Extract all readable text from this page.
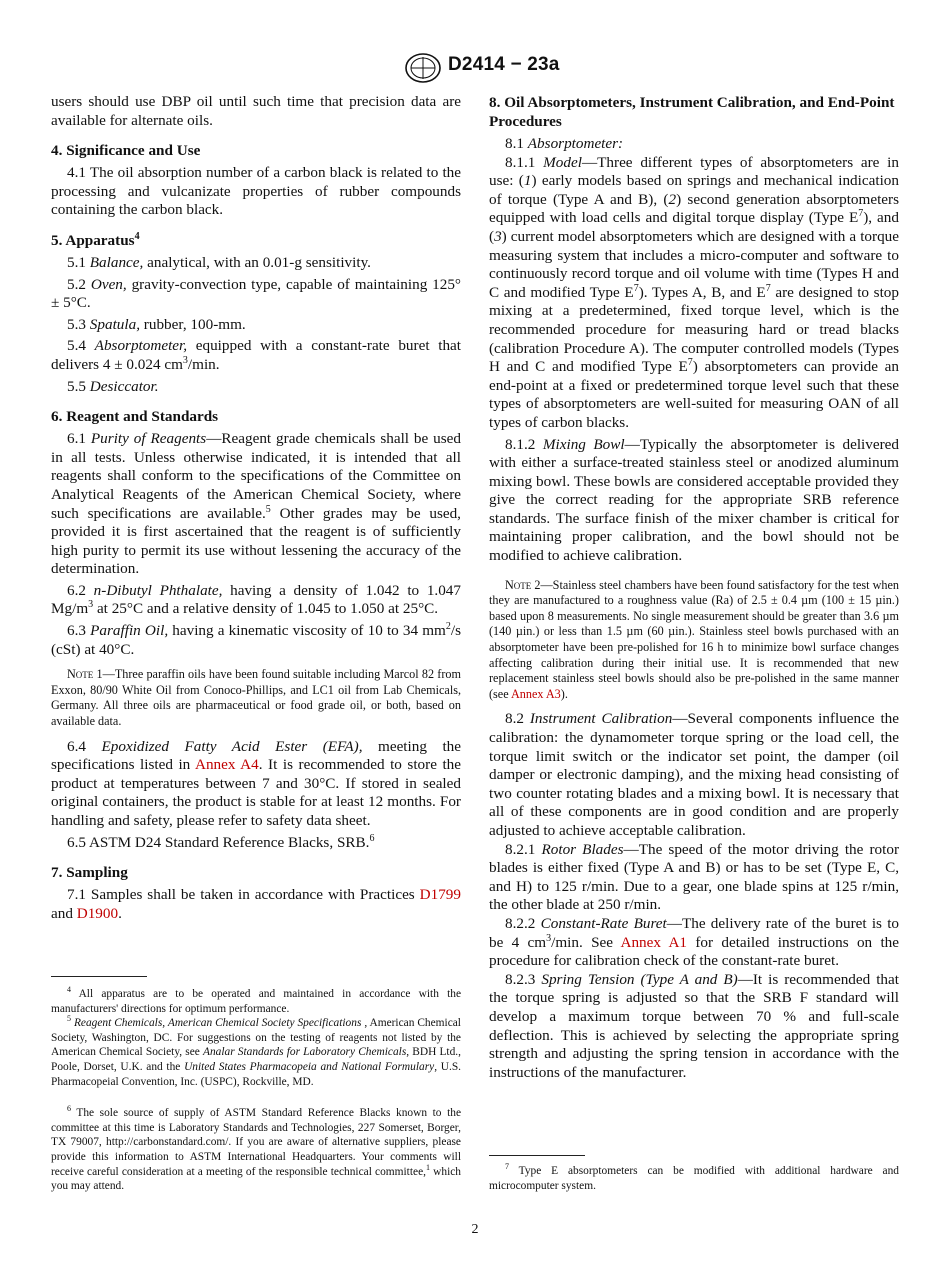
D2414 − 23a

users should use DBP oil until such time that precision data are available for alternate oils.

4. Significance and Use

4.1 The oil absorption number of a carbon black is related to the processing and vulcanizate properties of rubber compounds containing the carbon black.

5. Apparatus$^4$

5.1 Balance, analytical, with an 0.01-g sensitivity.

5.2 Oven, gravity-convection type, capable of maintaining 125° ± 5°C.

5.3 Spatula, rubber, 100-mm.

5.4 Absorptometer, equipped with a constant-rate buret that delivers 4 ± 0.024 $cm^3/\min$.

5.5 Desiccator.

6. Reagent and Standards

6.1 Purity of Reagents—Reagent grade chemicals shall be used in all tests. Unless otherwise indicated, it is intended that all reagents shall conform to the specifications of the Committee on Analytical Reagents of the American Chemical Society, where such specifications are available.$^5$ Other grades may be used, provided it is first ascertained that the reagent is of sufficiently high purity to permit its use without lessening the accuracy of the determination.

6.2 n-Dibutyl Phthalate, having a density of 1.042 to 1.047 $Mg/m^3$ at 25°C and a relative density of 1.045 to 1.050 at 25°C.

6.3 Paraffin Oil, having a kinematic viscosity of 10 to 34 $mm^2/s$ (cSt) at 40°C.

Note 1—Three paraffin oils have been found suitable including Marcol 82 from Exxon, 80/90 White Oil from Conoco-Phillips, and LC1 oil from Lab Chemicals, Germany. All three oils are pharmaceutical or food grade oil, or both, based on available data.

6.4 Epoxidized Fatty Acid Ester (EFA), meeting the specifications listed in Annex A4. It is recommended to store the product at temperatures between 7 and 30°C. If stored in sealed original containers, the product is stable for at least 12 months. For handling and safety, please refer to safety data sheet.

6.5 ASTM D24 Standard Reference Blacks, SRB.$^6$

7. Sampling

7.1 Samples shall be taken in accordance with Practices D1799 and D1900.

$^4$ All apparatus are to be operated and maintained in accordance with the manufacturers' directions for optimum performance.

$^5$ Reagent Chemicals, American Chemical Society Specifications , American Chemical Society, Washington, DC. For suggestions on the testing of reagents not listed by the American Chemical Society, see Analar Standards for Laboratory Chemicals, BDH Ltd., Poole, Dorset, U.K. and the United States Pharmacopeia and National Formulary, U.S. Pharmacopeial Convention, Inc. (USPC), Rockville, MD.

$^6$ The sole source of supply of ASTM Standard Reference Blacks known to the committee at this time is Laboratory Standards and Technologies, 227 Somerset, Borger, TX 79007, http://carbonstandard.com/. If you are aware of alternative suppliers, please provide this information to ASTM International Headquarters. Your comments will receive careful consideration at a meeting of the responsible technical committee,$^1$ which you may attend.

8. Oil Absorptometers, Instrument Calibration, and End-Point Procedures

8.1 Absorptometer:

8.1.1 Model—Three different types of absorptometers are in use: (1) early models based on springs and mechanical indication of torque (Type A and B), (2) second generation absorptometers equipped with load cells and digital torque display (Type $E^7$), and (3) current model absorptometers which are designed with a torque measuring system that includes a micro-computer and software to continuously record torque and oil volume with time (Types H and C and modified Type $E^7$). Types A, B, and $E^7$ are designed to stop mixing at a predetermined, fixed torque level, which is the recommended procedure for measuring hard or tread blacks (calibration Procedure A). The computer controlled models (Types H and C and modified Type $E^7$) absorptometers can provide an end-point at a fixed or predetermined torque level such that these types of absorptometers are well-suited for measuring OAN of all types of carbon blacks.

8.1.2 Mixing Bowl—Typically the absorptometer is delivered with either a surface-treated stainless steel or anodized aluminum mixing bowl. These bowls are considered acceptable provided they give the correct reading for the appropriate SRB reference standards. The surface finish of the mixer chamber is critical for maintaining proper calibration, and the bowl should not be modified to achieve calibration.

Note 2—Stainless steel chambers have been found satisfactory for the test when they are manufactured to a roughness value (Ra) of 2.5 ± 0.4 µm (100 ± 15 µin.) based upon 8 measurements. No single measurement should be greater than 3.6 µm (140 µin.) or less than 1.5 µm (60 µin.). Stainless steel bowls purchased with an absorptometer have been pre-polished for 16 h to minimize bowl surface changes affecting calibration during their initial use. It is recommended that new replacement stainless steel bowls should also be pre-polished in the same manner (see Annex A3).

8.2 Instrument Calibration—Several components influence the calibration: the dynamometer torque spring or the load cell, the torque limit switch or the indicator set point, the damper (oil damper or electronic damping), and the mixing head consisting of two counter rotating blades and a mixing bowl. It is necessary that all of these components are in good condition and are properly adjusted to achieve acceptable calibration.

8.2.1 Rotor Blades—The speed of the motor driving the rotor blades is either fixed (Type A and B) or has to be set (Type E, C, and H) to 125 r/min. Due to a gear, one blade spins at 125 r/min, the other blade at 250 r/min.

8.2.2 Constant-Rate Buret—The delivery rate of the buret is to be 4 $cm^3/\min$. See Annex A1 for detailed instructions on the procedure for calibration check of the constant-rate buret.

8.2.3 Spring Tension (Type A and B)—It is recommended that the torque spring is adjusted so that the SRB F standard will develop a maximum torque between 70 % and full-scale deflection. This is achieved by selecting the appropriate spring strength and adjusting the spring tension in accordance with the instructions of the manufacturer.

$^7$ Type E absorptometers can be modified with additional hardware and microcomputer system.

2
